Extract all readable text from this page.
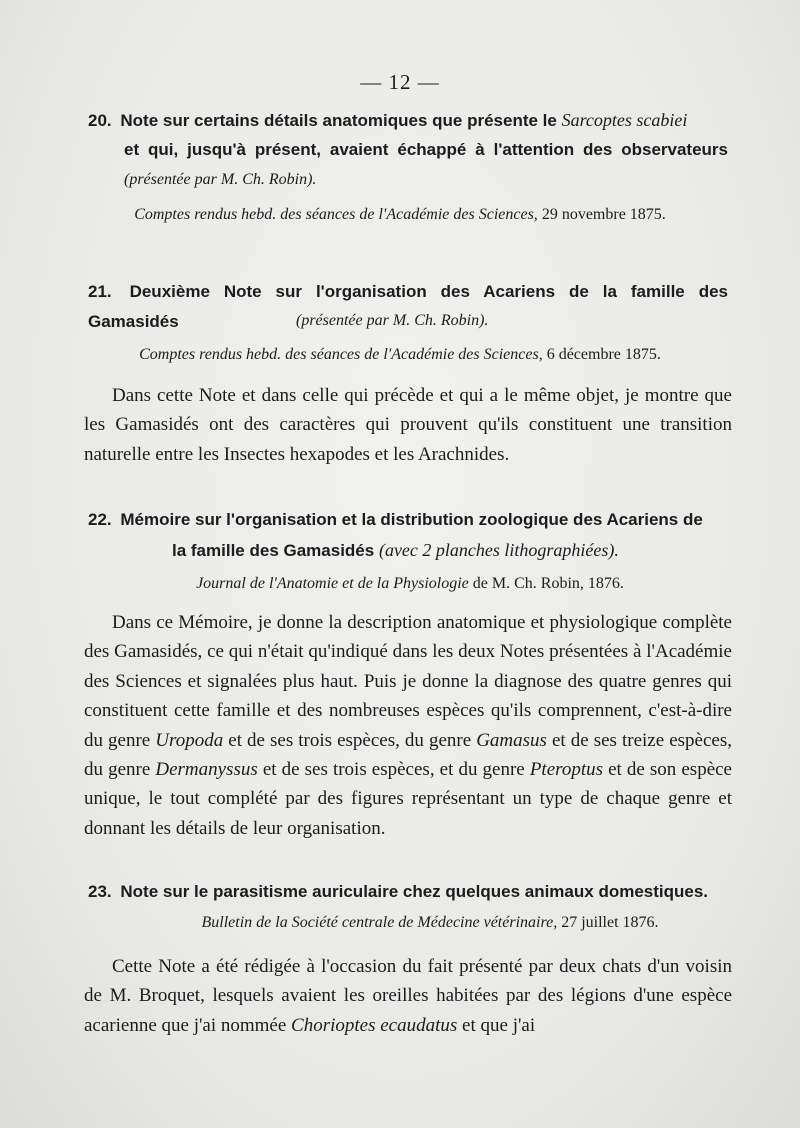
— 12 —
20. Note sur certains détails anatomiques que présente le Sarcoptes scabiei
et qui, jusqu'à présent, avaient échappé à l'attention des observateurs
(présentée par M. Ch. Robin).
Comptes rendus hebd. des séances de l'Académie des Sciences, 29 novembre 1875.
21. Deuxième Note sur l'organisation des Acariens de la famille des Gamasidés	(présentée par M. Ch. Robin).
Comptes rendus hebd. des séances de l'Académie des Sciences, 6 décembre 1875.
Dans cette Note et dans celle qui précède et qui a le même objet, je montre que les Gamasidés ont des caractères qui prouvent qu'ils constituent une transition naturelle entre les Insectes hexapodes et les Arachnides.
22. Mémoire sur l'organisation et la distribution zoologique des Acariens de
la famille des Gamasidés (avec 2 planches lithographiées).
Journal de l'Anatomie et de la Physiologie de M. Ch. Robin, 1876.
Dans ce Mémoire, je donne la description anatomique et physiologique complète des Gamasidés, ce qui n'était qu'indiqué dans les deux Notes présentées à l'Académie des Sciences et signalées plus haut. Puis je donne la diagnose des quatre genres qui constituent cette famille et des nombreuses espèces qu'ils comprennent, c'est-à-dire du genre Uropoda et de ses trois espèces, du genre Gamasus et de ses treize espèces, du genre Dermanyssus et de ses trois espèces, et du genre Pteroptus et de son espèce unique, le tout complété par des figures représentant un type de chaque genre et donnant les détails de leur organisation.
23. Note sur le parasitisme auriculaire chez quelques animaux domestiques.
Bulletin de la Société centrale de Médecine vétérinaire, 27 juillet 1876.
Cette Note a été rédigée à l'occasion du fait présenté par deux chats d'un voisin de M. Broquet, lesquels avaient les oreilles habitées par des légions d'une espèce acarienne que j'ai nommée Chorioptes ecaudatus et que j'ai
